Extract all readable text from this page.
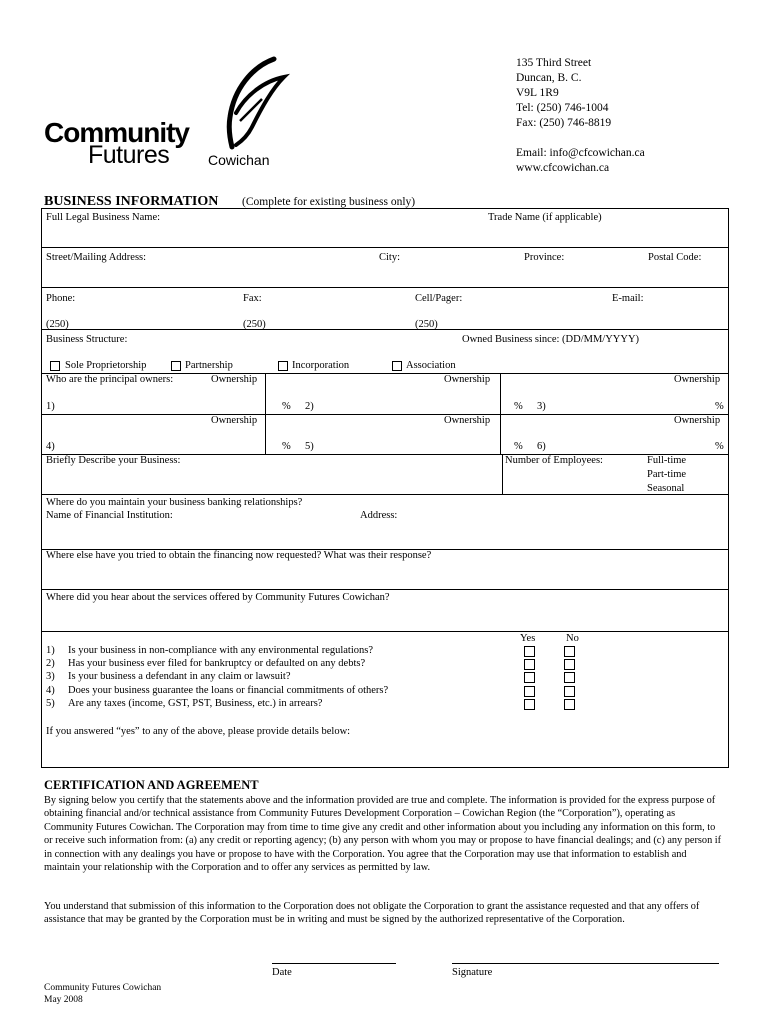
Community
Futures	Cowichan
135 Third Street
Duncan, B. C.
V9L 1R9
Tel: (250) 746-1004
Fax: (250) 746-8819
Email: info@cfcowichan.ca
www.cfcowichan.ca
BUSINESS INFORMATION (Complete for existing business only)
Full Legal Business Name:	Trade Name (if applicable)
Street/Mailing Address:	City:	Province:	Postal Code:
Phone:	Fax:	Cell/Pager:	E-mail:
(250)	(250)	(250)
Business Structure:	Owned Business since: (DD/MM/YYYY)
Sole Proprietorship	Partnership	Incorporation	Association
Who are the principal owners:	Ownership	Ownership	Ownership
1)	% 2)	% 3)	%
Ownership	Ownership	Ownership
4)	% 5)	% 6)	%
Briefly Describe your Business:	Number of Employees:	Full-time
Part-time
Seasonal
Where do you maintain your business banking relationships?
Name of Financial Institution:	Address:
Where else have you tried to obtain the financing now requested? What was their response?
Where did you hear about the services offered by Community Futures Cowichan?
Yes	No
1) Is your business in non-compliance with any environmental regulations?
2) Has your business ever filed for bankruptcy or defaulted on any debts?
3) Is your business a defendant in any claim or lawsuit?
4) Does your business guarantee the loans or financial commitments of others?
5) Are any taxes (income, GST, PST, Business, etc.) in arrears?
If you answered “yes” to any of the above, please provide details below:
CERTIFICATION AND AGREEMENT

By signing below you certify that the statements above and the information provided are true and complete. The information is provided for the express purpose of obtaining financial and/or technical assistance from Community Futures Development Corporation – Cowichan Region (the “Corporation”), operating as Community Futures Cowichan. The Corporation may from time to time give any credit and other information about you including any information on this form, to or receive such information from: (a) any credit or reporting agency; (b) any person with whom you may or propose to have financial dealings; and (c) any person if in connection with any dealings you have or propose to have with the Corporation. You agree that the Corporation may use that information to establish and maintain your relationship with the Corporation and to offer any services as permitted by law.

You understand that submission of this information to the Corporation does not obligate the Corporation to grant the assistance requested and that any offers of assistance that may be granted by the Corporation must be in writing and must be signed by the authorized representative of the Corporation.

Date	Signature
Community Futures Cowichan
May 2008
